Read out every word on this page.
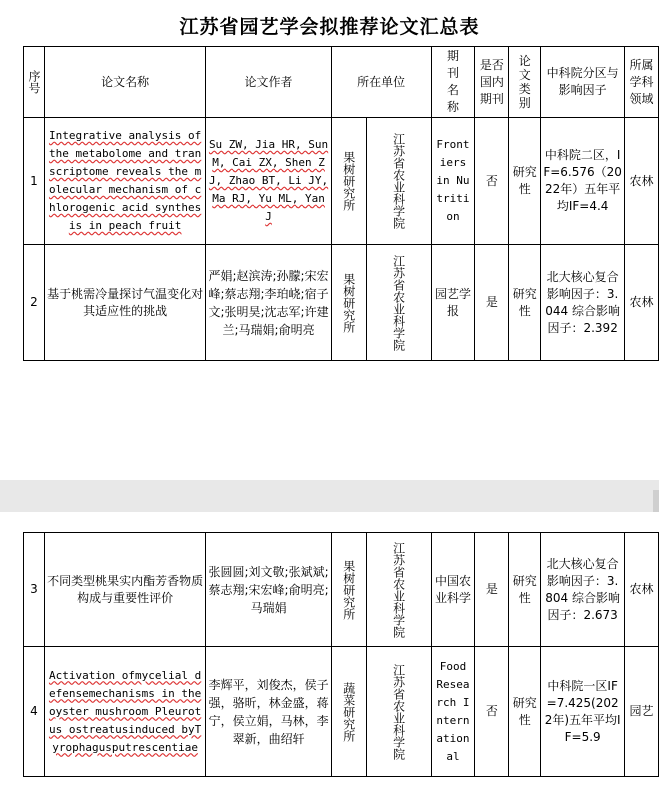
江苏省园艺学会拟推荐论文汇总表
序号	论文名称	论文作者	所在单位		期刊名称	是否国内期刊	论文类别	中科院分区与影响因子	所属学科领域
1	Integrative analysis of the metabolome and transcriptome reveals the molecular mechanism of chlorogenic acid synthesis in peach fruit	Su ZW, Jia HR, Sun M, Cai ZX, Shen ZJ, Zhao BT, Li JY, Ma RJ, Yu ML, Yan J	果树研究所	江苏省农业科学院	Frontiers in Nutrition	否	研究性	中科院二区，IF=6.576（2022年）五年平均IF=4.4	农林
2	基于桃需冷量探讨气温变化对其适应性的挑战	严娟;赵滨涛;孙朦;宋宏峰;蔡志翔;李珀峣;宿子文;张明昊;沈志军;许建兰;马瑞娟;俞明亮	果树研究所	江苏省农业科学院	园艺学报	是	研究性	北大核心复合影响因子：3.044 综合影响因子：2.392	农林
3	不同类型桃果实内酯芳香物质构成与重要性评价	张圆圆;刘文敬;张斌斌;蔡志翔;宋宏峰;俞明亮;马瑞娟	果树研究所	江苏省农业科学院	中国农业科学	是	研究性	北大核心复合影响因子：3.804 综合影响因子：2.673	农林
4	Activation ofmycelial defensemechanisms in the oyster mushroom Pleurotus ostreatusinduced byTyrophagusputrescentiae	李辉平，刘俊杰，侯子强，骆昕，林金盛，蒋宁，侯立娟，马林，李翠新，曲绍轩	蔬菜研究所	江苏省农业科学院	Food Research International	否	研究性	中科院一区IF=7.425(2022年)五年平均IF=5.9	园艺
